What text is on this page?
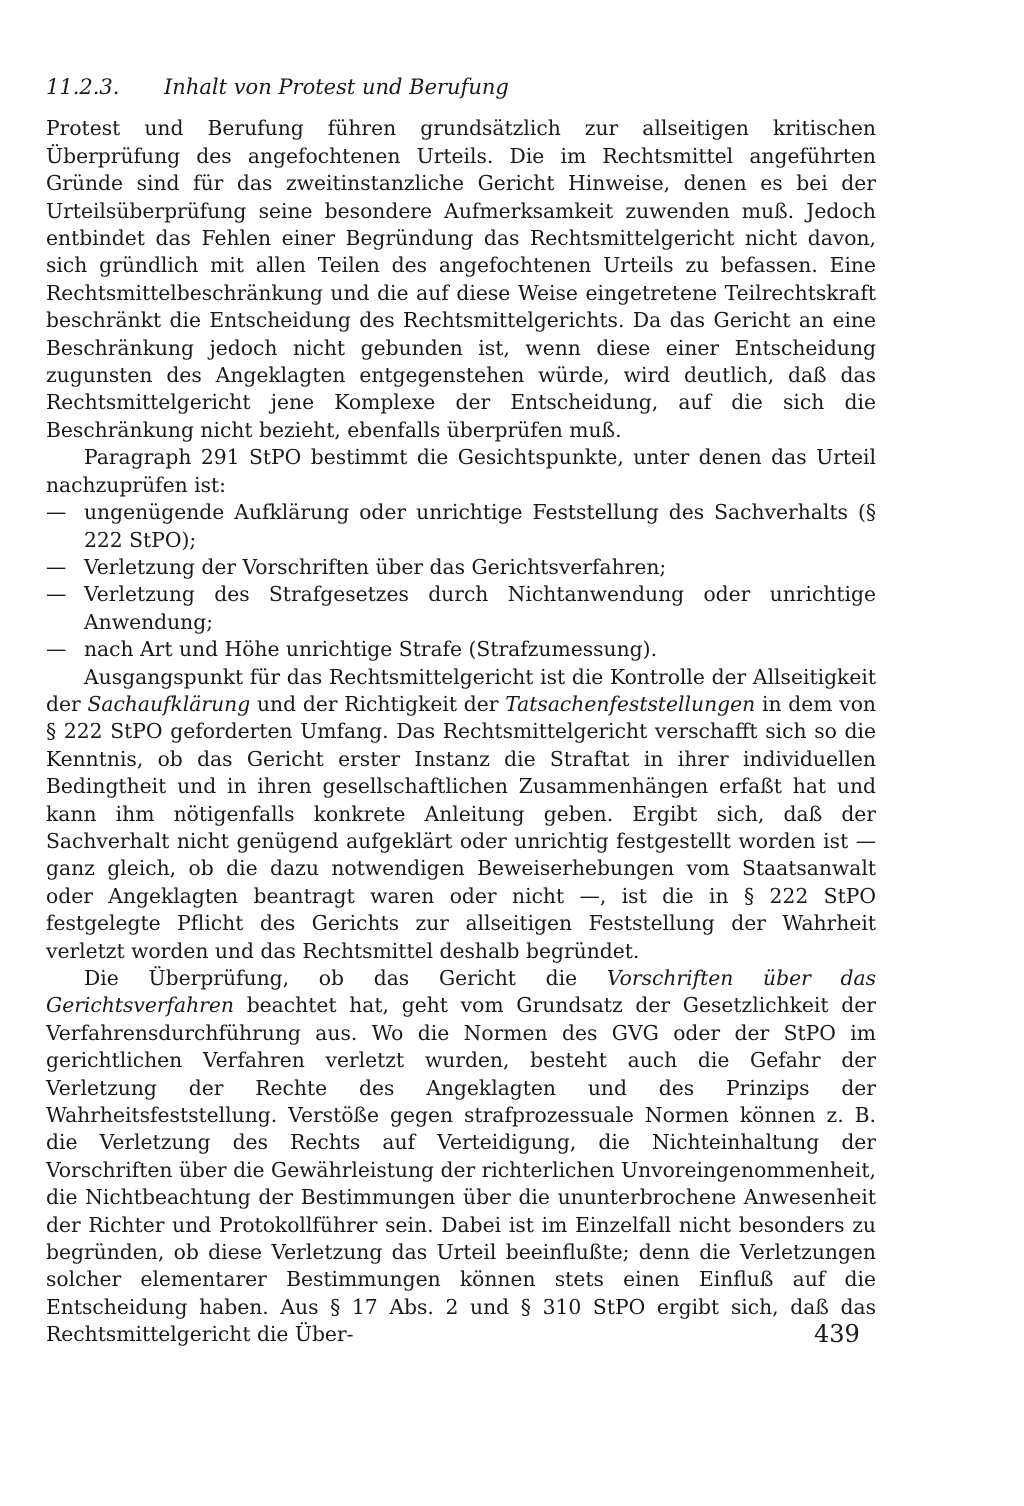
11.2.3.	Inhalt von Protest und Berufung

Protest und Berufung führen grundsätzlich zur allseitigen kritischen Überprüfung des angefochtenen Urteils. Die im Rechtsmittel angeführten Gründe sind für das zweitinstanzliche Gericht Hinweise, denen es bei der Urteilsüberprüfung seine besondere Aufmerksamkeit zuwenden muß. Jedoch entbindet das Fehlen einer Begründung das Rechtsmittelgericht nicht davon, sich gründlich mit allen Teilen des angefochtenen Urteils zu befassen. Eine Rechtsmittelbeschränkung und die auf diese Weise eingetretene Teilrechtskraft beschränkt die Entscheidung des Rechtsmittelgerichts. Da das Gericht an eine Beschränkung jedoch nicht gebunden ist, wenn diese einer Entscheidung zugunsten des Angeklagten entgegenstehen würde, wird deutlich, daß das Rechtsmittelgericht jene Komplexe der Entscheidung, auf die sich die Beschränkung nicht bezieht, ebenfalls überprüfen muß.

Paragraph 291 StPO bestimmt die Gesichtspunkte, unter denen das Urteil nachzuprüfen ist:

— ungenügende Aufklärung oder unrichtige Feststellung des Sachverhalts (§ 222 StPO);
— Verletzung der Vorschriften über das Gerichtsverfahren;
— Verletzung des Strafgesetzes durch Nichtanwendung oder unrichtige Anwendung;
— nach Art und Höhe unrichtige Strafe (Strafzumessung).

Ausgangspunkt für das Rechtsmittelgericht ist die Kontrolle der Allseitigkeit der Sachaufklärung und der Richtigkeit der Tatsachenfeststellungen in dem von § 222 StPO geforderten Umfang. Das Rechtsmittelgericht verschafft sich so die Kenntnis, ob das Gericht erster Instanz die Straftat in ihrer individuellen Bedingtheit und in ihren gesellschaftlichen Zusammenhängen erfaßt hat und kann ihm nötigenfalls konkrete Anleitung geben. Ergibt sich, daß der Sachverhalt nicht genügend aufgeklärt oder unrichtig festgestellt worden ist — ganz gleich, ob die dazu notwendigen Beweiserhebungen vom Staatsanwalt oder Angeklagten beantragt waren oder nicht —, ist die in § 222 StPO festgelegte Pflicht des Gerichts zur allseitigen Feststellung der Wahrheit verletzt worden und das Rechtsmittel deshalb begründet.

Die Überprüfung, ob das Gericht die Vorschriften über das Gerichtsverfahren beachtet hat, geht vom Grundsatz der Gesetzlichkeit der Verfahrensdurchführung aus. Wo die Normen des GVG oder der StPO im gerichtlichen Verfahren verletzt wurden, besteht auch die Gefahr der Verletzung der Rechte des Angeklagten und des Prinzips der Wahrheitsfeststellung. Verstöße gegen strafprozessuale Normen können z. B. die Verletzung des Rechts auf Verteidigung, die Nichteinhaltung der Vorschriften über die Gewährleistung der richterlichen Unvoreingenommenheit, die Nichtbeachtung der Bestimmungen über die ununterbrochene Anwesenheit der Richter und Protokollführer sein. Dabei ist im Einzelfall nicht besonders zu begründen, ob diese Verletzung das Urteil beeinflußte; denn die Verletzungen solcher elementarer Bestimmungen können stets einen Einfluß auf die Entscheidung haben. Aus § 17 Abs. 2 und § 310 StPO ergibt sich, daß das Rechtsmittelgericht die Über-	439
